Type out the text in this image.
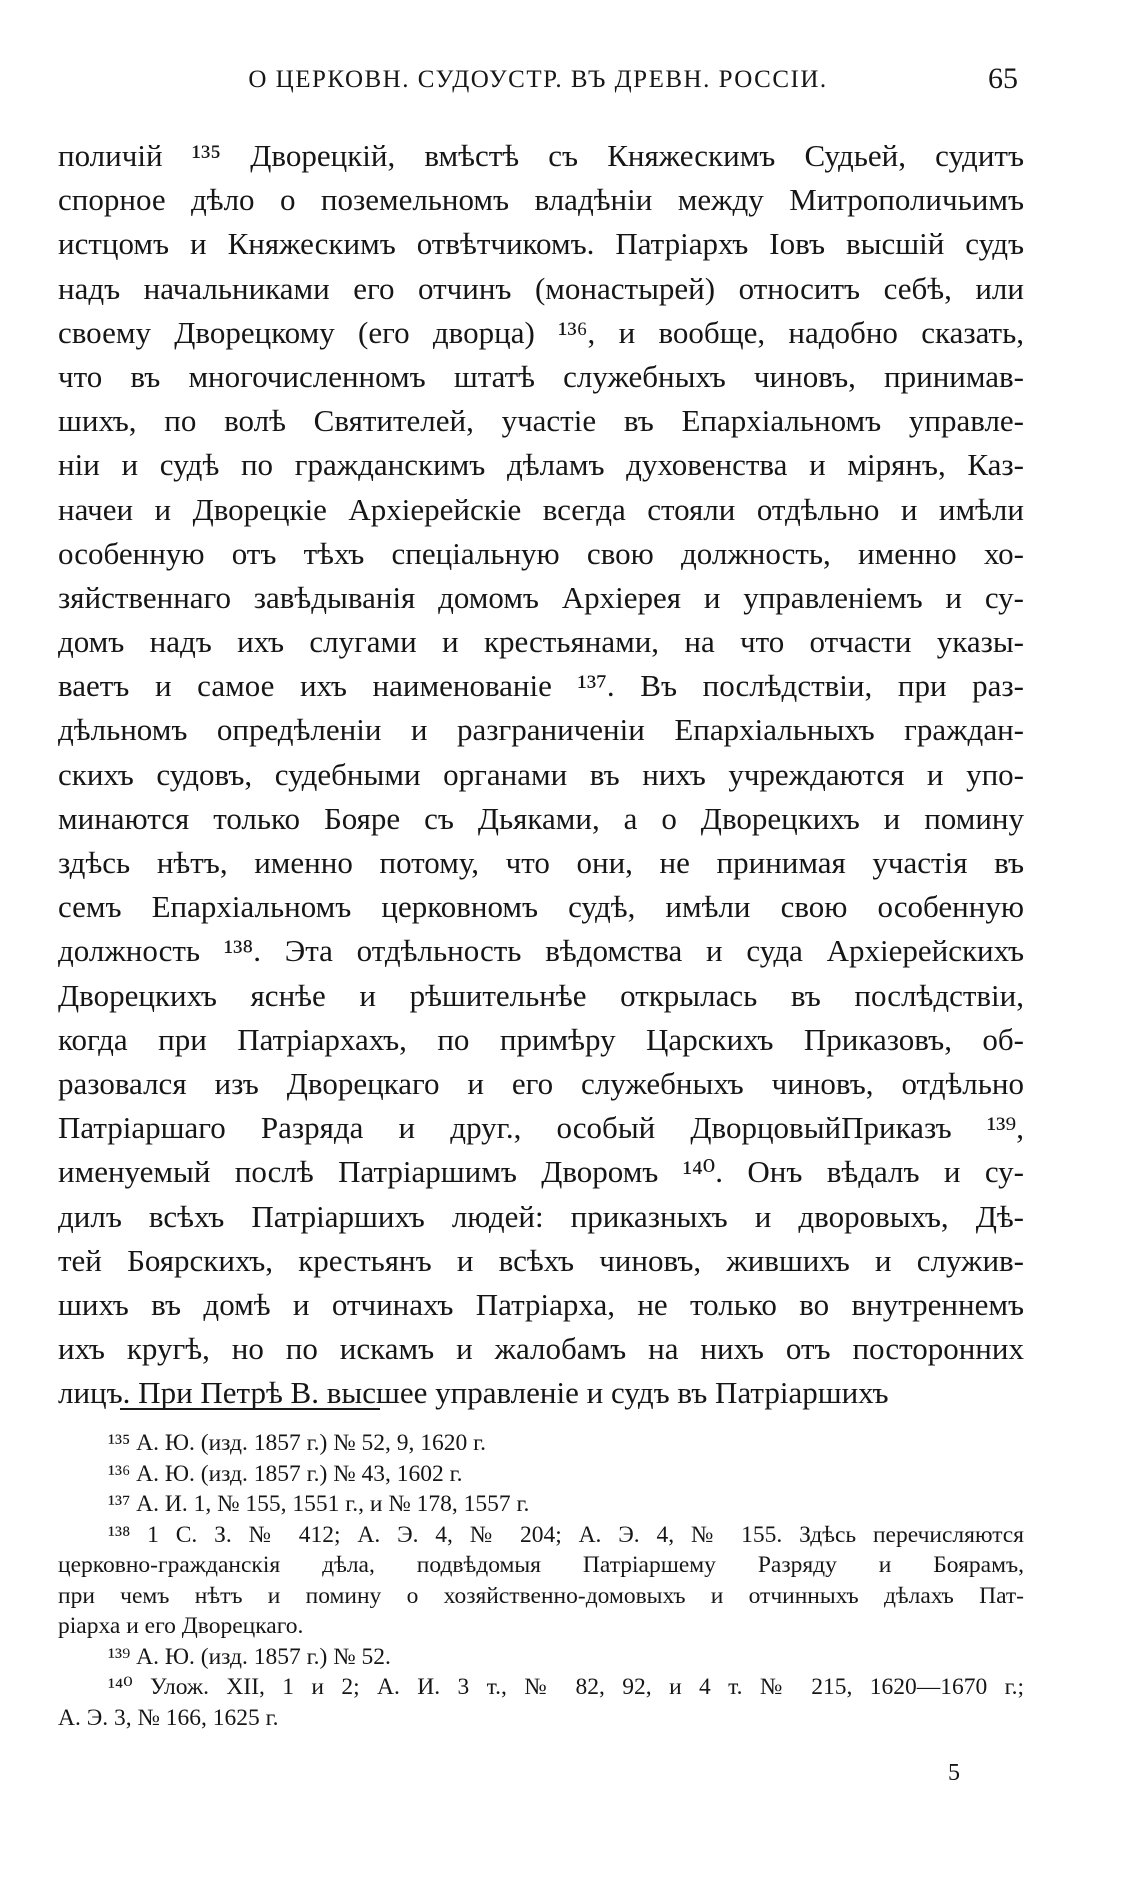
О ЦЕРКОВН. СУДОУСТР. ВЪ ДРЕВН. РОССІИ.	65
поличій ¹³⁵ Дворецкій, вмѣстѣ съ Княжескимъ Судьей, судитъ
спорное дѣло о поземельномъ владѣніи между Митрополичьимъ
истцомъ и Княжескимъ отвѣтчикомъ. Патріархъ Іовъ высшій судъ
надъ начальниками его отчинъ (монастырей) относитъ себѣ, или
своему Дворецкому (его дворца) ¹³⁶, и вообще, надобно сказать,
что въ многочисленномъ штатѣ служебныхъ чиновъ, принимав-
шихъ, по волѣ Святителей, участіе въ Епархіальномъ управле-
ніи и судѣ по гражданскимъ дѣламъ духовенства и мірянъ, Каз-
начеи и Дворецкіе Архіерейскіе всегда стояли отдѣльно и имѣли
особенную отъ тѣхъ спеціальную свою должность, именно хо-
зяйственнаго завѣдыванія домомъ Архіерея и управленіемъ и су-
домъ надъ ихъ слугами и крестьянами, на что отчасти указы-
ваетъ и самое ихъ наименованіе ¹³⁷. Въ послѣдствіи, при раз-
дѣльномъ опредѣленіи и разграниченіи Епархіальныхъ граждан-
скихъ судовъ, судебными органами въ нихъ учреждаются и упо-
минаются только Бояре съ Дьяками, а о Дворецкихъ и помину
здѣсь нѣтъ, именно потому, что они, не принимая участія въ
семъ Епархіальномъ церковномъ судѣ, имѣли свою особенную
должность ¹³⁸. Эта отдѣльность вѣдомства и суда Архіерейскихъ
Дворецкихъ яснѣе и рѣшительнѣе открылась въ послѣдствіи,
когда при Патріархахъ, по примѣру Царскихъ Приказовъ, об-
разовался изъ Дворецкаго и его служебныхъ чиновъ, отдѣльно
Патріаршаго Разряда и друг., особый ДворцовыйПриказъ ¹³⁹,
именуемый послѣ Патріаршимъ Дворомъ ¹⁴⁰. Онъ вѣдалъ и су-
дилъ всѣхъ Патріаршихъ людей: приказныхъ и дворовыхъ, Дѣ-
тей Боярскихъ, крестьянъ и всѣхъ чиновъ, жившихъ и служив-
шихъ въ домѣ и отчинахъ Патріарха, не только во внутреннемъ
ихъ кругѣ, но по искамъ и жалобамъ на нихъ отъ посторонних
лицъ. При Петрѣ В. высшее управленіе и судъ въ Патріаршихъ
¹³⁵ А. Ю. (изд. 1857 г.) № 52, 9, 1620 г.
¹³⁶ А. Ю. (изд. 1857 г.) № 43, 1602 г.
¹³⁷ А. И. 1, № 155, 1551 г., и № 178, 1557 г.
¹³⁸ 1 С. З. № 412; А. Э. 4, № 204; А. Э. 4, № 155. Здѣсь перечисляются
церковно-гражданскія дѣла, подвѣдомыя Патріаршему Разряду и Боярамъ,
при чемъ нѣтъ и помину о хозяйственно-домовыхъ и отчинныхъ дѣлахъ Пат-
ріарха и его Дворецкаго.
¹³⁹ А. Ю. (изд. 1857 г.) № 52.
¹⁴⁰ Улож. XII, 1 и 2; А. И. 3 т., № 82, 92, и 4 т. № 215, 1620—1670 г.;
А. Э. 3, № 166, 1625 г.
5
